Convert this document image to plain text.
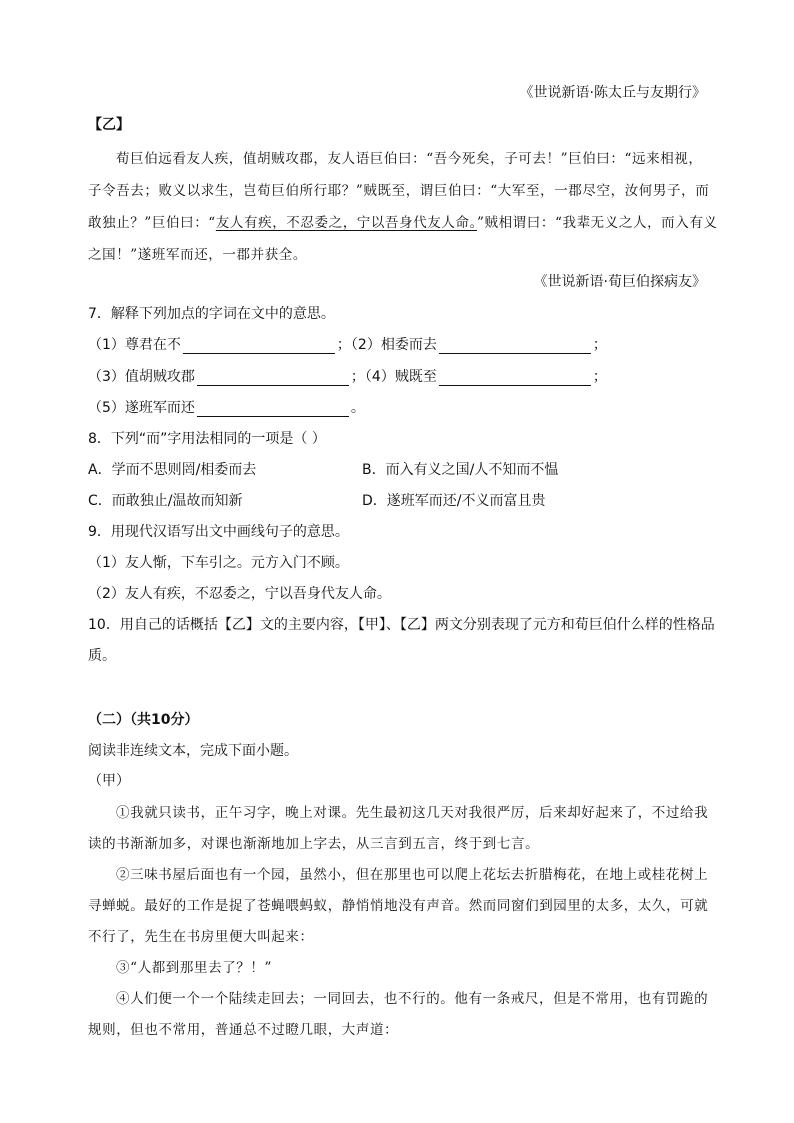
《世说新语·陈太丘与友期行》
【乙】
荀巨伯远看友人疾，值胡贼攻郡，友人语巨伯曰：“吾今死矣，子可去！”巨伯曰：“远来相视，
子令吾去；败义以求生，岂荀巨伯所行耶？”贼既至，谓巨伯曰：“大军至，一郡尽空，汝何男子，而
敢独止？”巨伯曰：“友人有疾，不忍委之，宁以吾身代友人命。”贼相谓曰：“我辈无义之人，而入有义
之国！”遂班军而还，一郡并获全。
《世说新语·荀巨伯探病友》
7．解释下列加点的字词在文中的意思。
（1）尊君在不	；（2）相委而去	；
（3）值胡贼攻郡	；（4）贼既至	；
（5）遂班军而还	。
8．下列“而”字用法相同的一项是（ ）
A．学而不思则罔/相委而去	B．而入有义之国/人不知而不愠
C．而敢独止/温故而知新	D．遂班军而还/不义而富且贵
9．用现代汉语写出文中画线句子的意思。
（1）友人惭，下车引之。元方入门不顾。
（2）友人有疾，不忍委之，宁以吾身代友人命。
10．用自己的话概括【乙】文的主要内容，【甲】、【乙】两文分别表现了元方和荀巨伯什么样的性格品
质。
（二）（共10分）
阅读非连续文本，完成下面小题。
（甲）
①我就只读书，正午习字，晚上对课。先生最初这几天对我很严厉，后来却好起来了，不过给我
读的书渐渐加多，对课也渐渐地加上字去，从三言到五言，终于到七言。
②三味书屋后面也有一个园，虽然小，但在那里也可以爬上花坛去折腊梅花，在地上或桂花树上
寻蝉蜕。最好的工作是捉了苍蝇喂蚂蚁，静悄悄地没有声音。然而同窗们到园里的太多，太久，可就
不行了，先生在书房里便大叫起来：
③“人都到那里去了？！”
④人们便一个一个陆续走回去；一同回去，也不行的。他有一条戒尺，但是不常用，也有罚跪的
规则，但也不常用，普通总不过瞪几眼，大声道：
